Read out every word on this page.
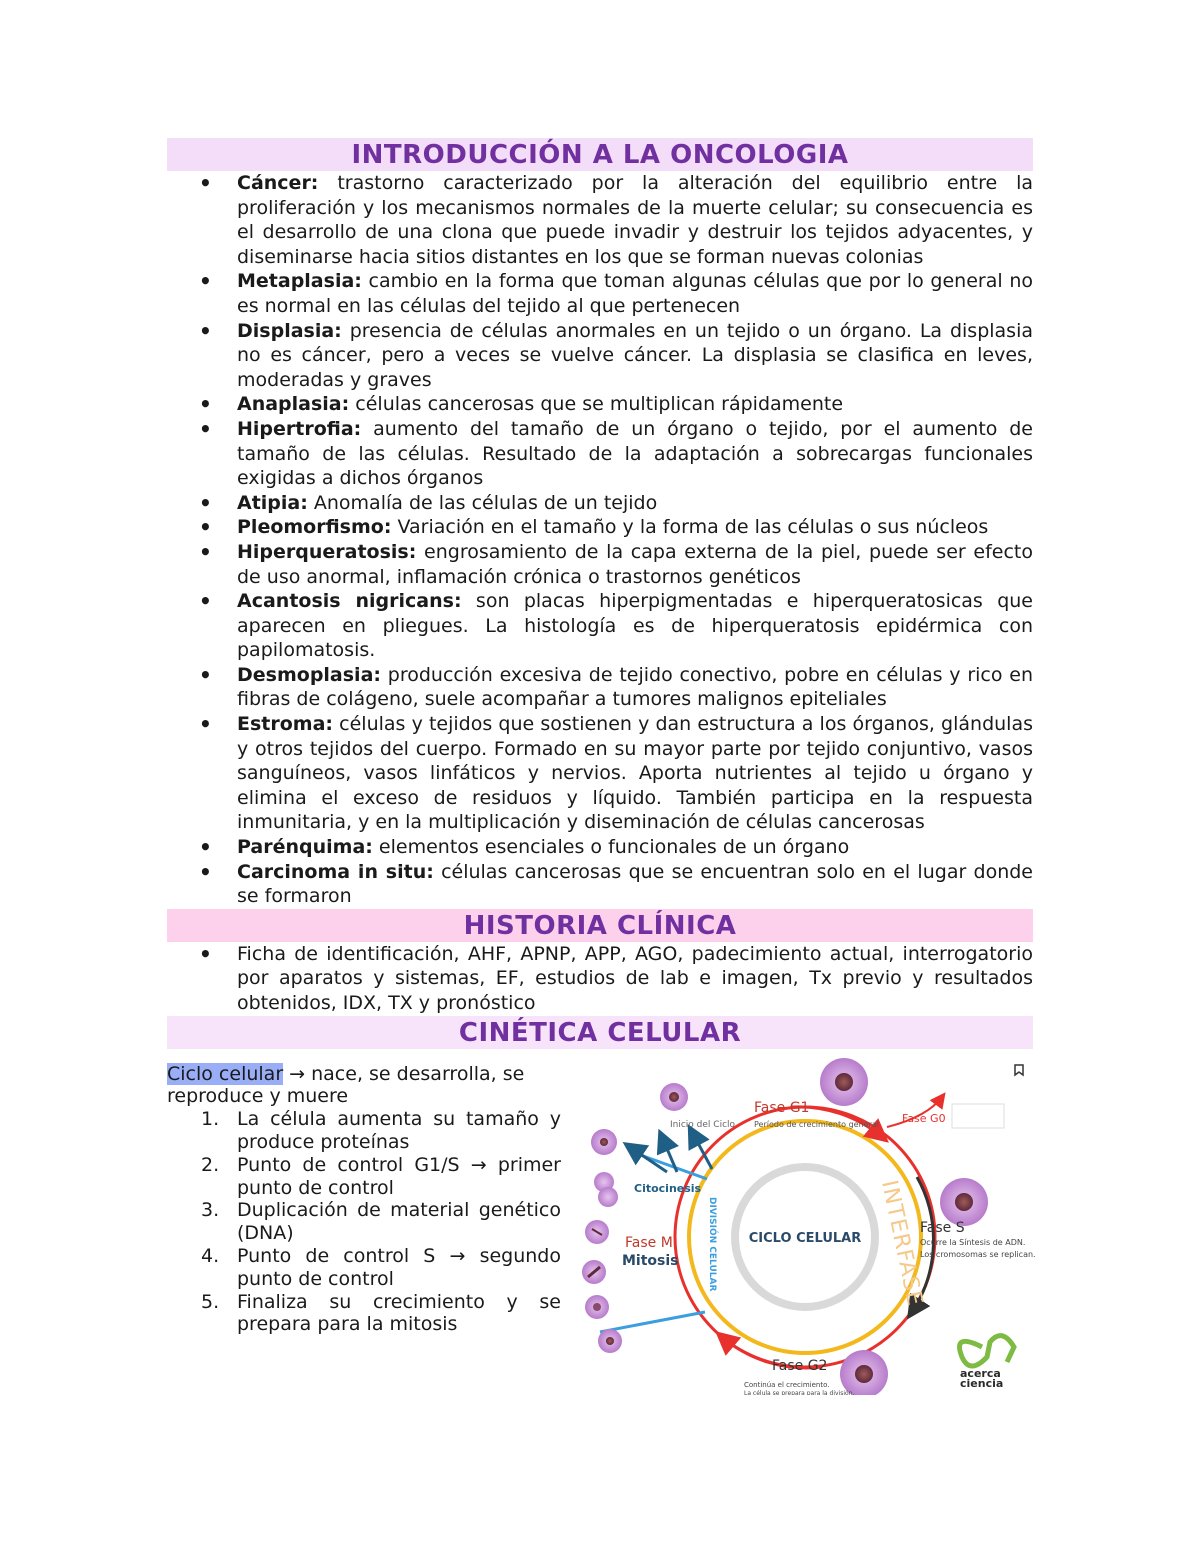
INTRODUCCIÓN A LA ONCOLOGIA
• Cáncer: trastorno caracterizado por la alteración del equilibrio entre la proliferación y los mecanismos normales de la muerte celular; su consecuencia es el desarrollo de una clona que puede invadir y destruir los tejidos adyacentes, y diseminarse hacia sitios distantes en los que se forman nuevas colonias
• Metaplasia: cambio en la forma que toman algunas células que por lo general no es normal en las células del tejido al que pertenecen
• Displasia: presencia de células anormales en un tejido o un órgano. La displasia no es cáncer, pero a veces se vuelve cáncer. La displasia se clasifica en leves, moderadas y graves
• Anaplasia: células cancerosas que se multiplican rápidamente
• Hipertrofia: aumento del tamaño de un órgano o tejido, por el aumento de tamaño de las células. Resultado de la adaptación a sobrecargas funcionales exigidas a dichos órganos
• Atipia: Anomalía de las células de un tejido
• Pleomorfismo: Variación en el tamaño y la forma de las células o sus núcleos
• Hiperqueratosis: engrosamiento de la capa externa de la piel, puede ser efecto de uso anormal, inflamación crónica o trastornos genéticos
• Acantosis nigricans: son placas hiperpigmentadas e hiperqueratosicas que aparecen en pliegues. La histología es de hiperqueratosis epidérmica con papilomatosis.
• Desmoplasia: producción excesiva de tejido conectivo, pobre en células y rico en fibras de colágeno, suele acompañar a tumores malignos epiteliales
• Estroma: células y tejidos que sostienen y dan estructura a los órganos, glándulas y otros tejidos del cuerpo. Formado en su mayor parte por tejido conjuntivo, vasos sanguíneos, vasos linfáticos y nervios. Aporta nutrientes al tejido u órgano y elimina el exceso de residuos y líquido. También participa en la respuesta inmunitaria, y en la multiplicación y diseminación de células cancerosas
• Parénquima: elementos esenciales o funcionales de un órgano
• Carcinoma in situ: células cancerosas que se encuentran solo en el lugar donde se formaron
HISTORIA CLÍNICA
• Ficha de identificación, AHF, APNP, APP, AGO, padecimiento actual, interrogatorio por aparatos y sistemas, EF, estudios de lab e imagen, Tx previo y resultados obtenidos, IDX, TX y pronóstico
CINÉTICA CELULAR
Ciclo celular → nace, se desarrolla, se reproduce y muere
1. La célula aumenta su tamaño y produce proteínas
2. Punto de control G1/S → primer punto de control
3. Duplicación de material genético (DNA)
4. Punto de control S → segundo punto de control
5. Finaliza su crecimiento y se prepara para la mitosis
CICLO CELULAR
Fase G1
Período de crecimiento general Fase G0
Fase S
Ocurre la Síntesis de ADN.
Los cromosomas se replican.
Fase G2
Continúa el crecimiento.
La célula se prepara para la división.
Fase M
Mitosis
Inicio del Ciclo
Citocinesis	INTERFASE
DIVISIÓN CELULAR
acerca
ciencia
